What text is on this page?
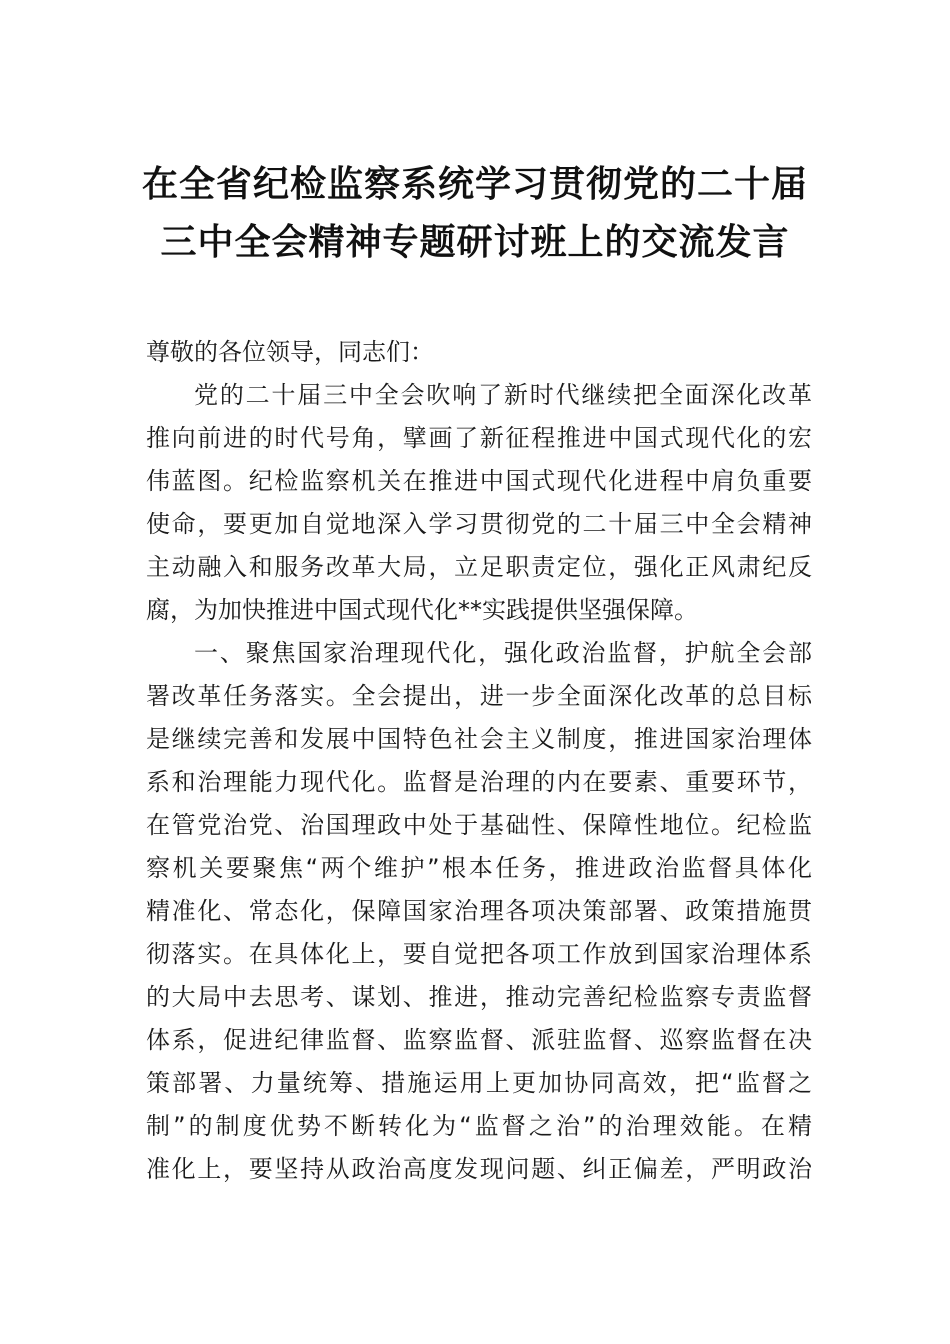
在全省纪检监察系统学习贯彻党的二十届
三中全会精神专题研讨班上的交流发言
尊敬的各位领导，同志们：
党的二十届三中全会吹响了新时代继续把全面深化改革
推向前进的时代号角，擘画了新征程推进中国式现代化的宏
伟蓝图。纪检监察机关在推进中国式现代化进程中肩负重要
使命，要更加自觉地深入学习贯彻党的二十届三中全会精神
主动融入和服务改革大局，立足职责定位，强化正风肃纪反
腐，为加快推进中国式现代化**实践提供坚强保障。
一、聚焦国家治理现代化，强化政治监督，护航全会部
署改革任务落实。全会提出，进一步全面深化改革的总目标
是继续完善和发展中国特色社会主义制度，推进国家治理体
系和治理能力现代化。监督是治理的内在要素、重要环节，
在管党治党、治国理政中处于基础性、保障性地位。纪检监
察机关要聚焦“两个维护”根本任务，推进政治监督具体化
精准化、常态化，保障国家治理各项决策部署、政策措施贯
彻落实。在具体化上，要自觉把各项工作放到国家治理体系
的大局中去思考、谋划、推进，推动完善纪检监察专责监督
体系，促进纪律监督、监察监督、派驻监督、巡察监督在决
策部署、力量统筹、措施运用上更加协同高效，把“监督之
制”的制度优势不断转化为“监督之治”的治理效能。在精
准化上，要坚持从政治高度发现问题、纠正偏差，严明政治
